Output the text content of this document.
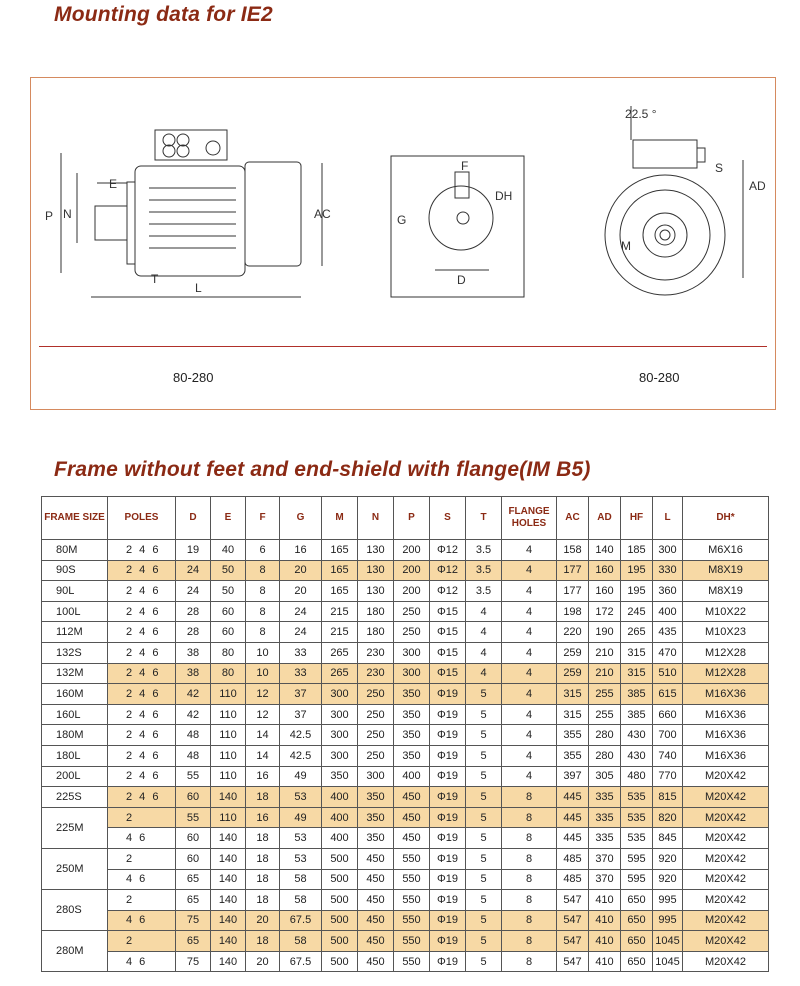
Mounting data for IE2
P N
E
T
L
AC
F
G
DH
D
22.5 °
S
M
AD
80-280	80-280
Frame without feet and end-shield with flange(IM B5)
FRAME SIZE	POLES	D	E	F	G	M	N	P	S	T	FLANGE HOLES	AC	AD	HF	L	DH*
80M	2 4 6	19	40	6	16	165	130	200	Φ12	3.5	4	158	140	185	300	M6X16
90S	2 4 6	24	50	8	20	165	130	200	Φ12	3.5	4	177	160	195	330	M8X19
90L	2 4 6	24	50	8	20	165	130	200	Φ12	3.5	4	177	160	195	360	M8X19
100L	2 4 6	28	60	8	24	215	180	250	Φ15	4	4	198	172	245	400	M10X22
112M	2 4 6	28	60	8	24	215	180	250	Φ15	4	4	220	190	265	435	M10X23
132S	2 4 6	38	80	10	33	265	230	300	Φ15	4	4	259	210	315	470	M12X28
132M	2 4 6	38	80	10	33	265	230	300	Φ15	4	4	259	210	315	510	M12X28
160M	2 4 6	42	110	12	37	300	250	350	Φ19	5	4	315	255	385	615	M16X36
160L	2 4 6	42	110	12	37	300	250	350	Φ19	5	4	315	255	385	660	M16X36
180M	2 4 6	48	110	14	42.5	300	250	350	Φ19	5	4	355	280	430	700	M16X36
180L	2 4 6	48	110	14	42.5	300	250	350	Φ19	5	4	355	280	430	740	M16X36
200L	2 4 6	55	110	16	49	350	300	400	Φ19	5	4	397	305	480	770	M20X42
225S	2 4 6	60	140	18	53	400	350	450	Φ19	5	8	445	335	535	815	M20X42
225M	2	55	110	16	49	400	350	450	Φ19	5	8	445	335	535	820	M20X42
	4 6	60	140	18	53	400	350	450	Φ19	5	8	445	335	535	845	M20X42
250M	2	60	140	18	53	500	450	550	Φ19	5	8	485	370	595	920	M20X42
	4 6	65	140	18	58	500	450	550	Φ19	5	8	485	370	595	920	M20X42
280S	2	65	140	18	58	500	450	550	Φ19	5	8	547	410	650	995	M20X42
	4 6	75	140	20	67.5	500	450	550	Φ19	5	8	547	410	650	995	M20X42
280M	2	65	140	18	58	500	450	550	Φ19	5	8	547	410	650	1045	M20X42
	4 6	75	140	20	67.5	500	450	550	Φ19	5	8	547	410	650	1045	M20X42
